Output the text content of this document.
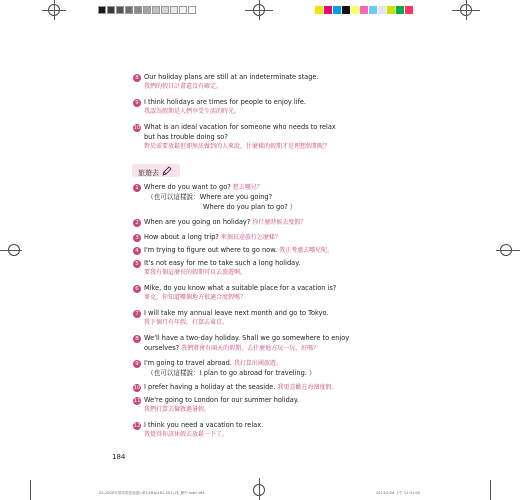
8 Our holiday plans are still at an indeterminate stage.
我們的假日計畫還沒有確定。
9 I think holidays are times for people to enjoy life.
我認為假期是人們享受生活的時光。
10 What is an ideal vacation for someone who needs to relax
but has trouble doing so?
對於需要放鬆但卻無法做到的人來說，什麼樣的假期才是理想假期呢？
旅遊去
1 Where do you want to go? 想去哪兒？
（也可以這樣說：Where are you going?
Where do you plan to go? ）
2 When are you going on holiday? 你什麼時候去度假？
3 How about a long trip? 來個長途旅行怎麼樣？
4 I'm trying to figure out where to go now. 我正考慮去哪兒呢。
5 It's not easy for me to take such a long holiday.
要我有個這麼長的假期可以去旅遊啊。
6 Mike, do you know what a suitable place for a vacation is?
麥克，你知道哪個地方很適合度假嗎？
7 I will take my annual leave next month and go to Tokyo.
我下個月有年假，打算去東京。
8 We'll have a two-day holiday. Shall we go somewhere to enjoy
ourselves? 我們將會有兩天的假期，去什麼地方玩一玩，好嗎？
9 I'm going to travel abroad. 我打算出國旅遊。
（也可以這樣說：I plan to go abroad for traveling. ）
10 I prefer having a holiday at the seaside. 我更喜歡在海濱度假。
11 We're going to London for our summer holiday.
我們打算去倫敦過暑假。
12 I think you need a vacation to relax.
我覺得你該休假去放鬆一下了。
184
02-20007(常用英語表達)-第14章(p181-201)-排_聚中.indd 184	2013/2/26 上午 11:31:00
